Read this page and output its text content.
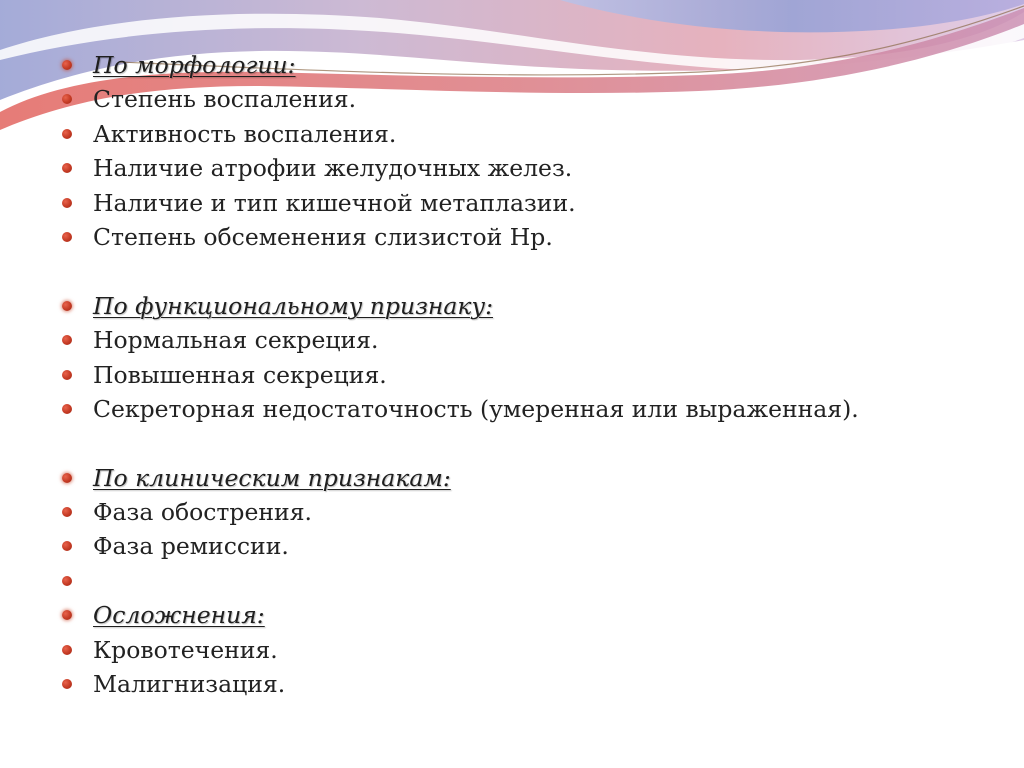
По морфологии:
Степень воспаления.
Активность воспаления.
Наличие атрофии желудочных желез.
Наличие и тип кишечной метаплазии.
Степень обсеменения слизистой Нр.
По функциональному признаку:
Нормальная секреция.
Повышенная секреция.
Секреторная недостаточность (умеренная или выраженная).
По клиническим признакам:
Фаза обострения.
Фаза ремиссии.
Осложнения:
Кровотечения.
Малигнизация.
